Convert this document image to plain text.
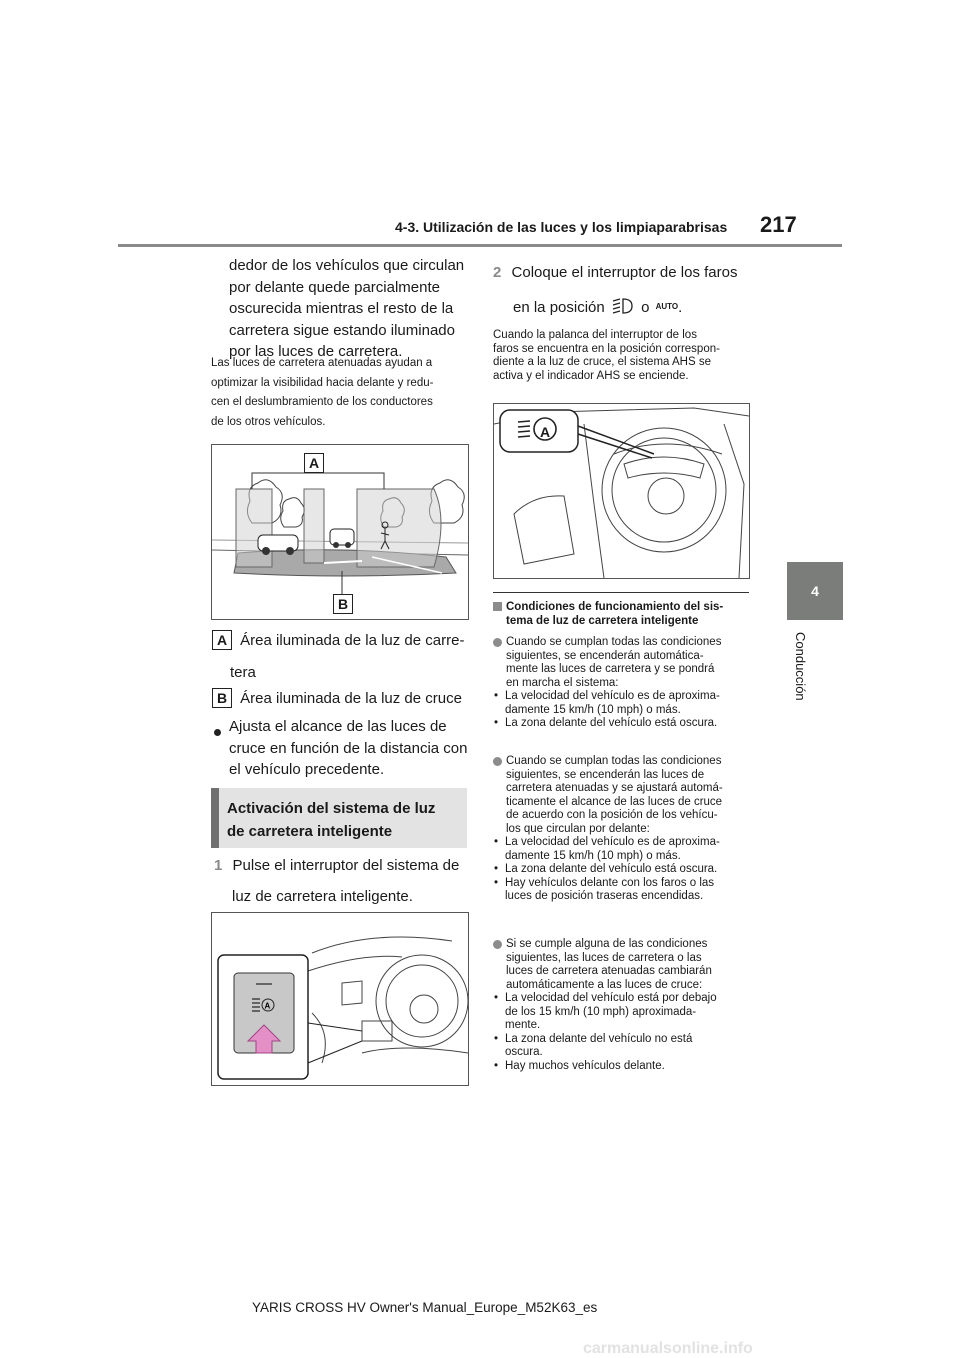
4-3. Utilización de las luces y los limpiaparabrisas 217
4
Conducción
dedor de los vehículos que circulan
por delante quede parcialmente
oscurecida mientras el resto de la
carretera sigue estando iluminado
por las luces de carretera.
Las luces de carretera atenuadas ayudan a
optimizar la visibilidad hacia delante y redu-
cen el deslumbramiento de los conductores
de los otros vehículos.
A
B
A Área iluminada de la luz de carre-
tera
B Área iluminada de la luz de cruce
Ajusta el alcance de las luces de
cruce en función de la distancia con
el vehículo precedente.
Activación del sistema de luz
de carretera inteligente
1 Pulse el interruptor del sistema de
luz de carretera inteligente.
A
2 Coloque el interruptor de los faros
en la posición o $^{AUTO}$.
Cuando la palanca del interruptor de los
faros se encuentra en la posición correspon-
diente a la luz de cruce, el sistema AHS se
activa y el indicador AHS se enciende.
A
Condiciones de funcionamiento del sis-
tema de luz de carretera inteligente
Cuando se cumplan todas las condiciones
siguientes, se encenderán automática-
mente las luces de carretera y se pondrá
en marcha el sistema:
• La velocidad del vehículo es de aproxima-
damente 15 km/h (10 mph) o más.
• La zona delante del vehículo está oscura.
Cuando se cumplan todas las condiciones
siguientes, se encenderán las luces de
carretera atenuadas y se ajustará automá-
ticamente el alcance de las luces de cruce
de acuerdo con la posición de los vehícu-
los que circulan por delante:
• La velocidad del vehículo es de aproxima-
damente 15 km/h (10 mph) o más.
• La zona delante del vehículo está oscura.
• Hay vehículos delante con los faros o las
luces de posición traseras encendidas.
Si se cumple alguna de las condiciones
siguientes, las luces de carretera o las
luces de carretera atenuadas cambiarán
automáticamente a las luces de cruce:
• La velocidad del vehículo está por debajo
de los 15 km/h (10 mph) aproximada-
mente.
• La zona delante del vehículo no está
oscura.
• Hay muchos vehículos delante.
YARIS CROSS HV Owner's Manual_Europe_M52K63_es
carmanualsonline.info
